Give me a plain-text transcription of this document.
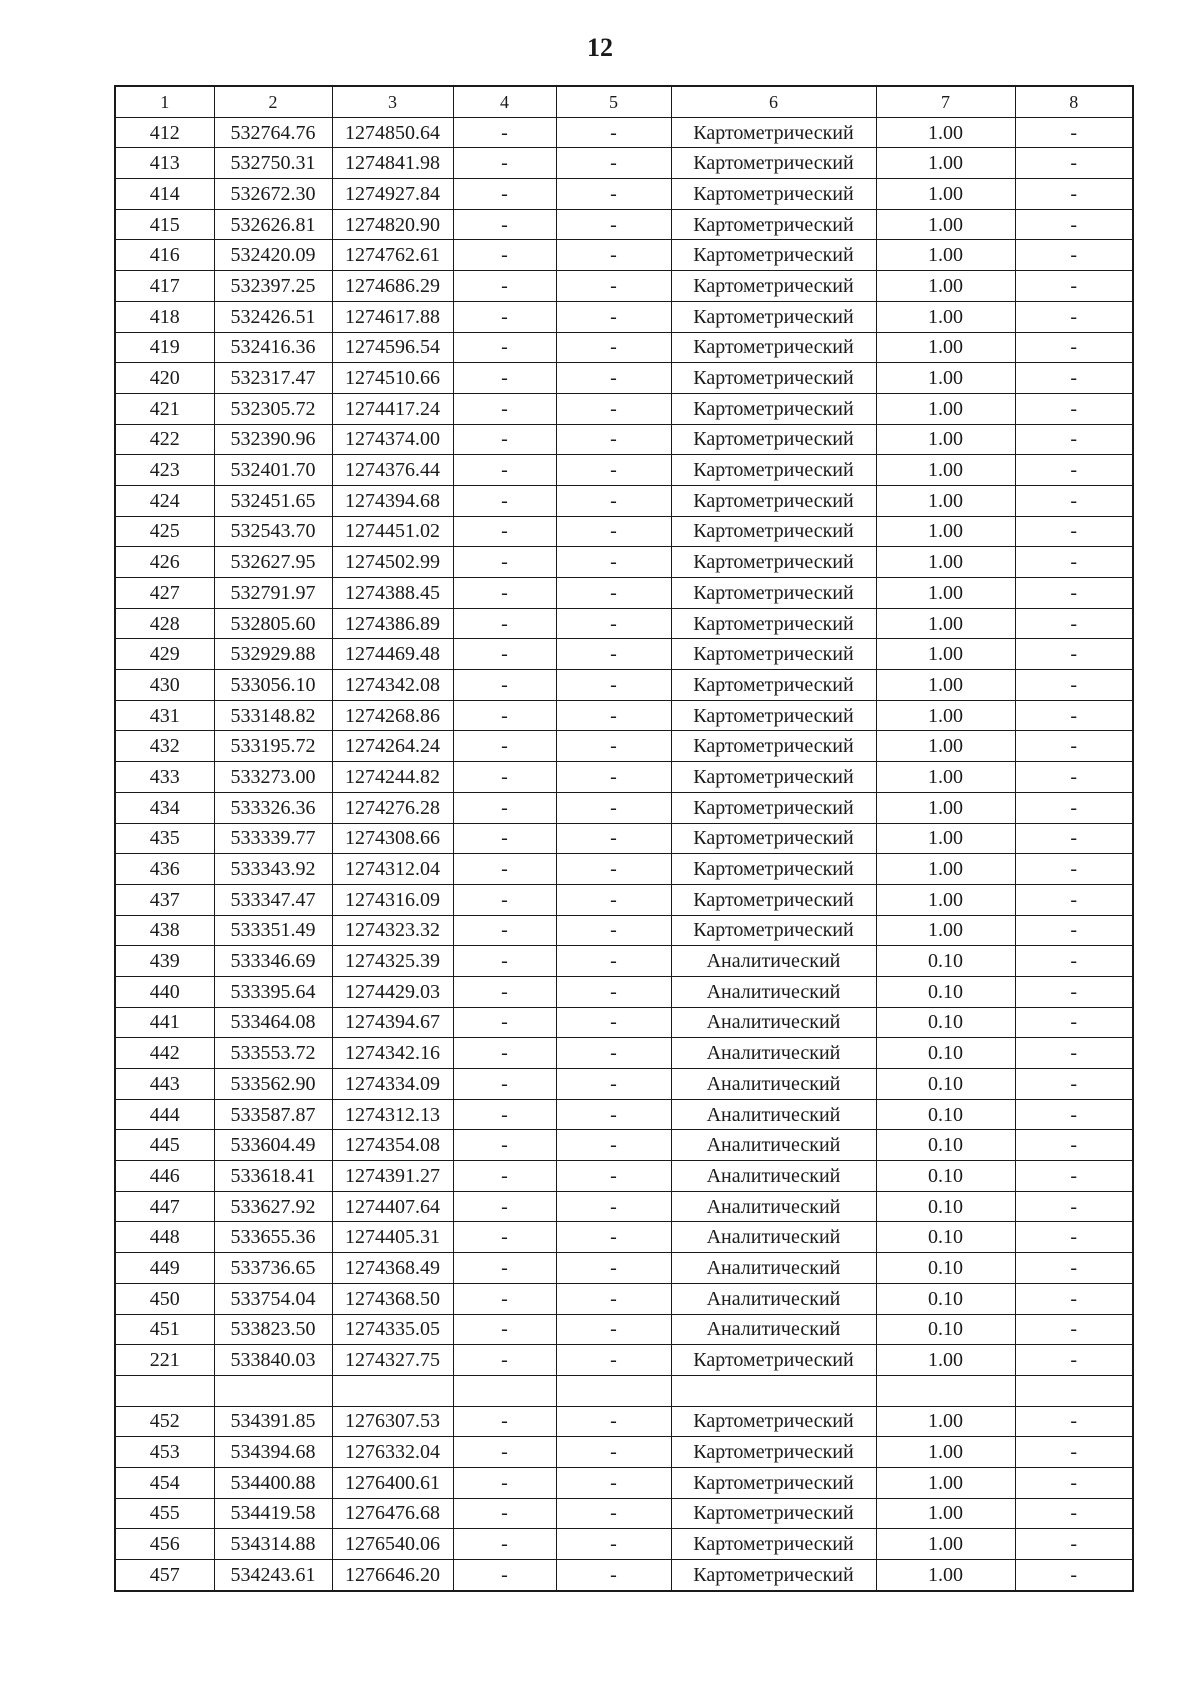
12
1	2	3	4	5	6	7	8
412	532764.76	1274850.64	-	-	Картометрический	1.00	-
413	532750.31	1274841.98	-	-	Картометрический	1.00	-
414	532672.30	1274927.84	-	-	Картометрический	1.00	-
415	532626.81	1274820.90	-	-	Картометрический	1.00	-
416	532420.09	1274762.61	-	-	Картометрический	1.00	-
417	532397.25	1274686.29	-	-	Картометрический	1.00	-
418	532426.51	1274617.88	-	-	Картометрический	1.00	-
419	532416.36	1274596.54	-	-	Картометрический	1.00	-
420	532317.47	1274510.66	-	-	Картометрический	1.00	-
421	532305.72	1274417.24	-	-	Картометрический	1.00	-
422	532390.96	1274374.00	-	-	Картометрический	1.00	-
423	532401.70	1274376.44	-	-	Картометрический	1.00	-
424	532451.65	1274394.68	-	-	Картометрический	1.00	-
425	532543.70	1274451.02	-	-	Картометрический	1.00	-
426	532627.95	1274502.99	-	-	Картометрический	1.00	-
427	532791.97	1274388.45	-	-	Картометрический	1.00	-
428	532805.60	1274386.89	-	-	Картометрический	1.00	-
429	532929.88	1274469.48	-	-	Картометрический	1.00	-
430	533056.10	1274342.08	-	-	Картометрический	1.00	-
431	533148.82	1274268.86	-	-	Картометрический	1.00	-
432	533195.72	1274264.24	-	-	Картометрический	1.00	-
433	533273.00	1274244.82	-	-	Картометрический	1.00	-
434	533326.36	1274276.28	-	-	Картометрический	1.00	-
435	533339.77	1274308.66	-	-	Картометрический	1.00	-
436	533343.92	1274312.04	-	-	Картометрический	1.00	-
437	533347.47	1274316.09	-	-	Картометрический	1.00	-
438	533351.49	1274323.32	-	-	Картометрический	1.00	-
439	533346.69	1274325.39	-	-	Аналитический	0.10	-
440	533395.64	1274429.03	-	-	Аналитический	0.10	-
441	533464.08	1274394.67	-	-	Аналитический	0.10	-
442	533553.72	1274342.16	-	-	Аналитический	0.10	-
443	533562.90	1274334.09	-	-	Аналитический	0.10	-
444	533587.87	1274312.13	-	-	Аналитический	0.10	-
445	533604.49	1274354.08	-	-	Аналитический	0.10	-
446	533618.41	1274391.27	-	-	Аналитический	0.10	-
447	533627.92	1274407.64	-	-	Аналитический	0.10	-
448	533655.36	1274405.31	-	-	Аналитический	0.10	-
449	533736.65	1274368.49	-	-	Аналитический	0.10	-
450	533754.04	1274368.50	-	-	Аналитический	0.10	-
451	533823.50	1274335.05	-	-	Аналитический	0.10	-
221	533840.03	1274327.75	-	-	Картометрический	1.00	-

452	534391.85	1276307.53	-	-	Картометрический	1.00	-
453	534394.68	1276332.04	-	-	Картометрический	1.00	-
454	534400.88	1276400.61	-	-	Картометрический	1.00	-
455	534419.58	1276476.68	-	-	Картометрический	1.00	-
456	534314.88	1276540.06	-	-	Картометрический	1.00	-
457	534243.61	1276646.20	-	-	Картометрический	1.00	-
